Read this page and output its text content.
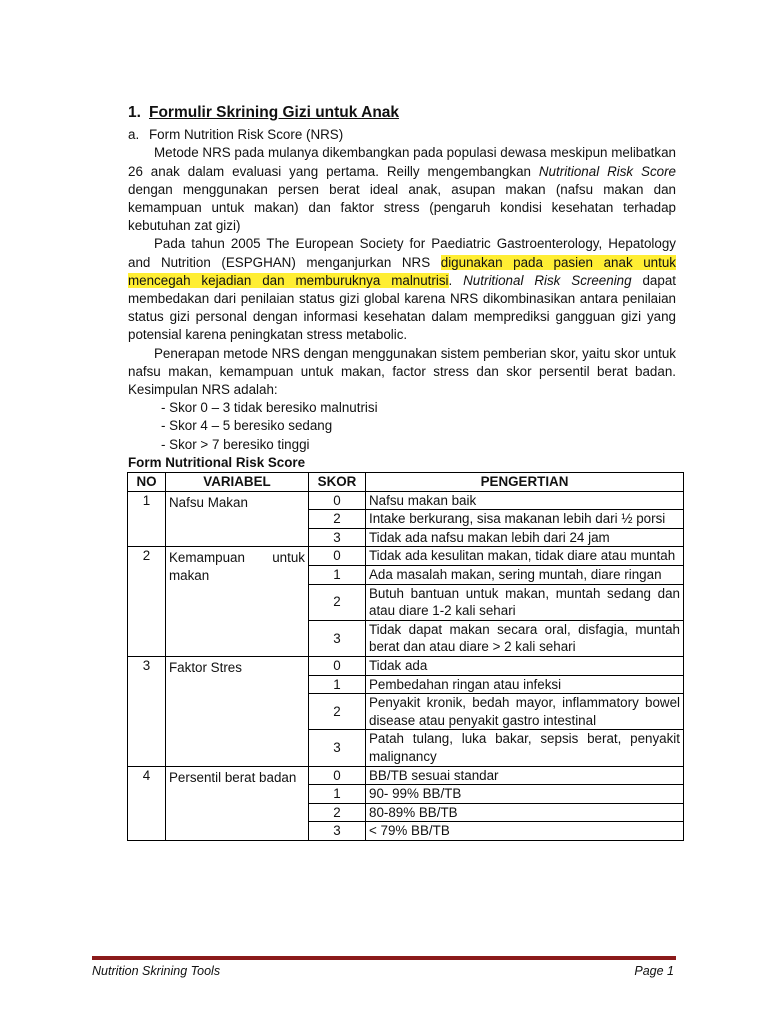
1. Formulir Skrining Gizi untuk Anak
a. Form Nutrition Risk Score (NRS)

Metode NRS pada mulanya dikembangkan pada populasi dewasa meskipun melibatkan 26 anak dalam evaluasi yang pertama. Reilly mengembangkan Nutritional Risk Score dengan menggunakan persen berat ideal anak, asupan makan (nafsu makan dan kemampuan untuk makan) dan faktor stress (pengaruh kondisi kesehatan terhadap kebutuhan zat gizi)

Pada tahun 2005 The European Society for Paediatric Gastroenterology, Hepatology and Nutrition (ESPGHAN) menganjurkan NRS digunakan pada pasien anak untuk mencegah kejadian dan memburuknya malnutrisi. Nutritional Risk Screening dapat membedakan dari penilaian status gizi global karena NRS dikombinasikan antara penilaian status gizi personal dengan informasi kesehatan dalam memprediksi gangguan gizi yang potensial karena peningkatan stress metabolic.

Penerapan metode NRS dengan menggunakan sistem pemberian skor, yaitu skor untuk nafsu makan, kemampuan untuk makan, factor stress dan skor persentil berat badan. Kesimpulan NRS adalah:

- Skor 0 – 3 tidak beresiko malnutrisi
- Skor 4 – 5 beresiko sedang
- Skor > 7 beresiko tinggi
Form Nutritional Risk Score
NO	VARIABEL	SKOR	PENGERTIAN
1	Nafsu Makan	0	Nafsu makan baik
		2	Intake berkurang, sisa makanan lebih dari ½ porsi
		3	Tidak ada nafsu makan lebih dari 24 jam
2	Kemampuan untuk makan	0	Tidak ada kesulitan makan, tidak diare atau muntah
		1	Ada masalah makan, sering muntah, diare ringan
		2	Butuh bantuan untuk makan, muntah sedang dan atau diare 1-2 kali sehari
		3	Tidak dapat makan secara oral, disfagia, muntah berat dan atau diare > 2 kali sehari
3	Faktor Stres	0	Tidak ada
		1	Pembedahan ringan atau infeksi
		2	Penyakit kronik, bedah mayor, inflammatory bowel disease atau penyakit gastro intestinal
		3	Patah tulang, luka bakar, sepsis berat, penyakit malignancy
4	Persentil berat badan	0	BB/TB sesuai standar
		1	90- 99% BB/TB
		2	80-89% BB/TB
		3	< 79% BB/TB
Nutrition Skrining Tools	Page 1
